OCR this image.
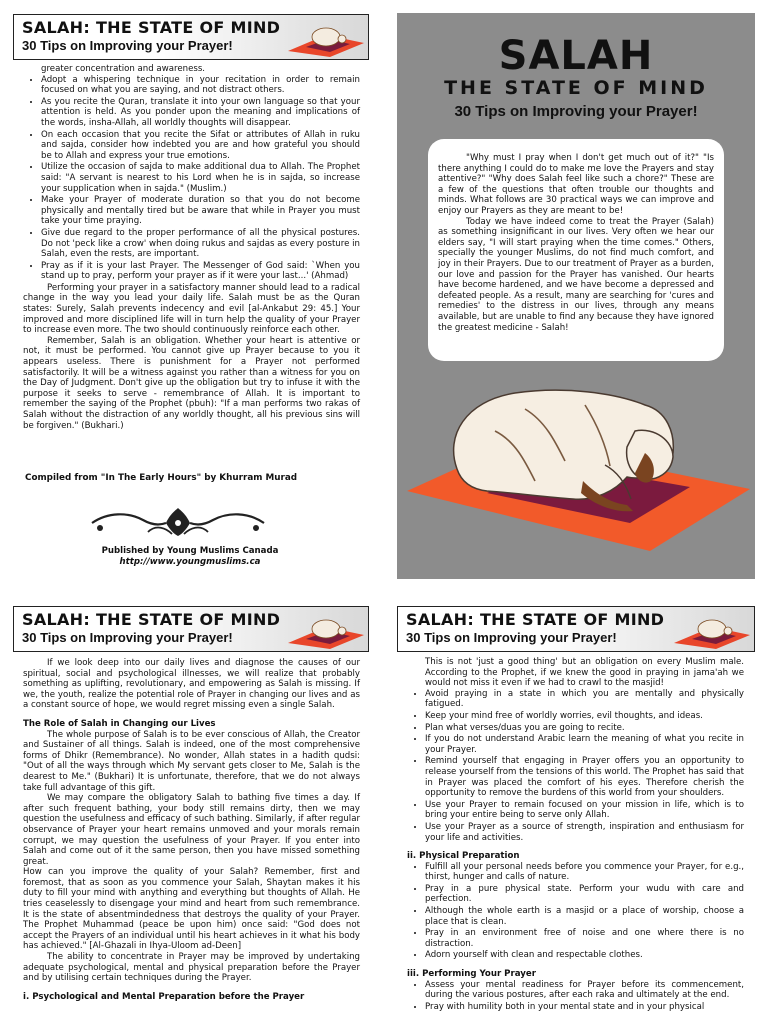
SALAH: THE STATE OF MIND
30 Tips on Improving your Prayer!

greater concentration and awareness.

• Adopt a whispering technique in your recitation in order to remain focused on what you are saying, and not distract others.
• As you recite the Quran, translate it into your own language so that your attention is held. As you ponder upon the meaning and implications of the words, insha-Allah, all worldly thoughts will disappear.
• On each occasion that you recite the Sifat or attributes of Allah in ruku and sajda, consider how indebted you are and how grateful you should be to Allah and express your true emotions.
• Utilize the occasion of sajda to make additional dua to Allah. The Prophet said: "A servant is nearest to his Lord when he is in sajda, so increase your supplication when in sajda." (Muslim.)
• Make your Prayer of moderate duration so that you do not become physically and mentally tired but be aware that while in Prayer you must take your time praying.
• Give due regard to the proper performance of all the physical postures. Do not 'peck like a crow' when doing rukus and sajdas as every posture in Salah, even the rests, are important.
• Pray as if it is your last Prayer. The Messenger of God said: `When you stand up to pray, perform your prayer as if it were your last...' (Ahmad)

Performing your prayer in a satisfactory manner should lead to a radical change in the way you lead your daily life. Salah must be as the Quran states: Surely, Salah prevents indecency and evil [al-Ankabut 29: 45.] Your improved and more disciplined life will in turn help the quality of your Prayer to increase even more. The two should continuously reinforce each other.

Remember, Salah is an obligation. Whether your heart is attentive or not, it must be performed. You cannot give up Prayer because to you it appears useless. There is punishment for a Prayer not performed satisfactorily. It will be a witness against you rather than a witness for you on the Day of Judgment. Don't give up the obligation but try to infuse it with the purpose it seeks to serve - remembrance of Allah. It is important to remember the saying of the Prophet (pbuh): "If a man performs two rakas of Salah without the distraction of any worldly thought, all his previous sins will be forgiven." (Bukhari.)

Compiled from "In The Early Hours" by Khurram Murad
Published by Young Muslims Canada
http://www.youngmuslims.ca
SALAH
THE STATE OF MIND
30 Tips on Improving your Prayer!

"Why must I pray when I don't get much out of it?" "Is there anything I could do to make me love the Prayers and stay attentive?" "Why does Salah feel like such a chore?" These are a few of the questions that often trouble our thoughts and minds. What follows are 30 practical ways we can improve and enjoy our Prayers as they are meant to be!

Today we have indeed come to treat the Prayer (Salah) as something insignificant in our lives. Very often we hear our elders say, "I will start praying when the time comes." Others, specially the younger Muslims, do not find much comfort, and joy in their Prayers. Due to our treatment of Prayer as a burden, our love and passion for the Prayer has vanished. Our hearts have become hardened, and we have become a depressed and defeated people. As a result, many are searching for 'cures and remedies' to the distress in our lives, through any means available, but are unable to find any because they have ignored the greatest medicine - Salah!

SALAH: THE STATE OF MIND
30 Tips on Improving your Prayer!

If we look deep into our daily lives and diagnose the causes of our spiritual, social and psychological illnesses, we will realize that probably something as uplifting, revolutionary, and empowering as Salah is missing. If we, the youth, realize the potential role of Prayer in changing our lives and as a constant source of hope, we would regret missing even a single Salah.

The Role of Salah in Changing our Lives

The whole purpose of Salah is to be ever conscious of Allah, the Creator and Sustainer of all things. Salah is indeed, one of the most comprehensive forms of Dhikr (Remembrance). No wonder, Allah states in a hadith qudsi: "Out of all the ways through which My servant gets closer to Me, Salah is the dearest to Me." (Bukhari) It is unfortunate, therefore, that we do not always take full advantage of this gift.

We may compare the obligatory Salah to bathing five times a day. If after such frequent bathing, your body still remains dirty, then we may question the usefulness and efficacy of such bathing. Similarly, if after regular observance of Prayer your heart remains unmoved and your morals remain corrupt, we may question the usefulness of your Prayer. If you enter into Salah and come out of it the same person, then you have missed something great.

How can you improve the quality of your Salah? Remember, first and foremost, that as soon as you commence your Salah, Shaytan makes it his duty to fill your mind with anything and everything but thoughts of Allah. He tries ceaselessly to disengage your mind and heart from such remembrance. It is the state of absentmindedness that destroys the quality of your Prayer. The Prophet Muhammad (peace be upon him) once said: "God does not accept the Prayers of an individual until his heart achieves in it what his body has achieved." [Al-Ghazali in Ihya-Uloom ad-Deen]

The ability to concentrate in Prayer may be improved by undertaking adequate psychological, mental and physical preparation before the Prayer and by utilising certain techniques during the Prayer.

i. Psychological and Mental Preparation before the Prayer

SALAH: THE STATE OF MIND
30 Tips on Improving your Prayer!

This is not 'just a good thing' but an obligation on every Muslim male. According to the Prophet, if we knew the good in praying in jama'ah we would not miss it even if we had to crawl to the masjid!

• Avoid praying in a state in which you are mentally and physically fatigued.
• Keep your mind free of worldly worries, evil thoughts, and ideas.
• Plan what verses/duas you are going to recite.
• If you do not understand Arabic learn the meaning of what you recite in your Prayer.
• Remind yourself that engaging in Prayer offers you an opportunity to release yourself from the tensions of this world. The Prophet has said that in Prayer was placed the comfort of his eyes. Therefore cherish the opportunity to remove the burdens of this world from your shoulders.
• Use your Prayer to remain focused on your mission in life, which is to bring your entire being to serve only Allah.
• Use your Prayer as a source of strength, inspiration and enthusiasm for your life and activities.

ii. Physical Preparation

• Fulfill all your personal needs before you commence your Prayer, for e.g., thirst, hunger and calls of nature.
• Pray in a pure physical state. Perform your wudu with care and perfection.
• Although the whole earth is a masjid or a place of worship, choose a place that is clean.
• Pray in an environment free of noise and one where there is no distraction.
• Adorn yourself with clean and respectable clothes.

iii. Performing Your Prayer

• Assess your mental readiness for Prayer before its commencement, during the various postures, after each raka and ultimately at the end.
• Pray with humility both in your mental state and in your physical
